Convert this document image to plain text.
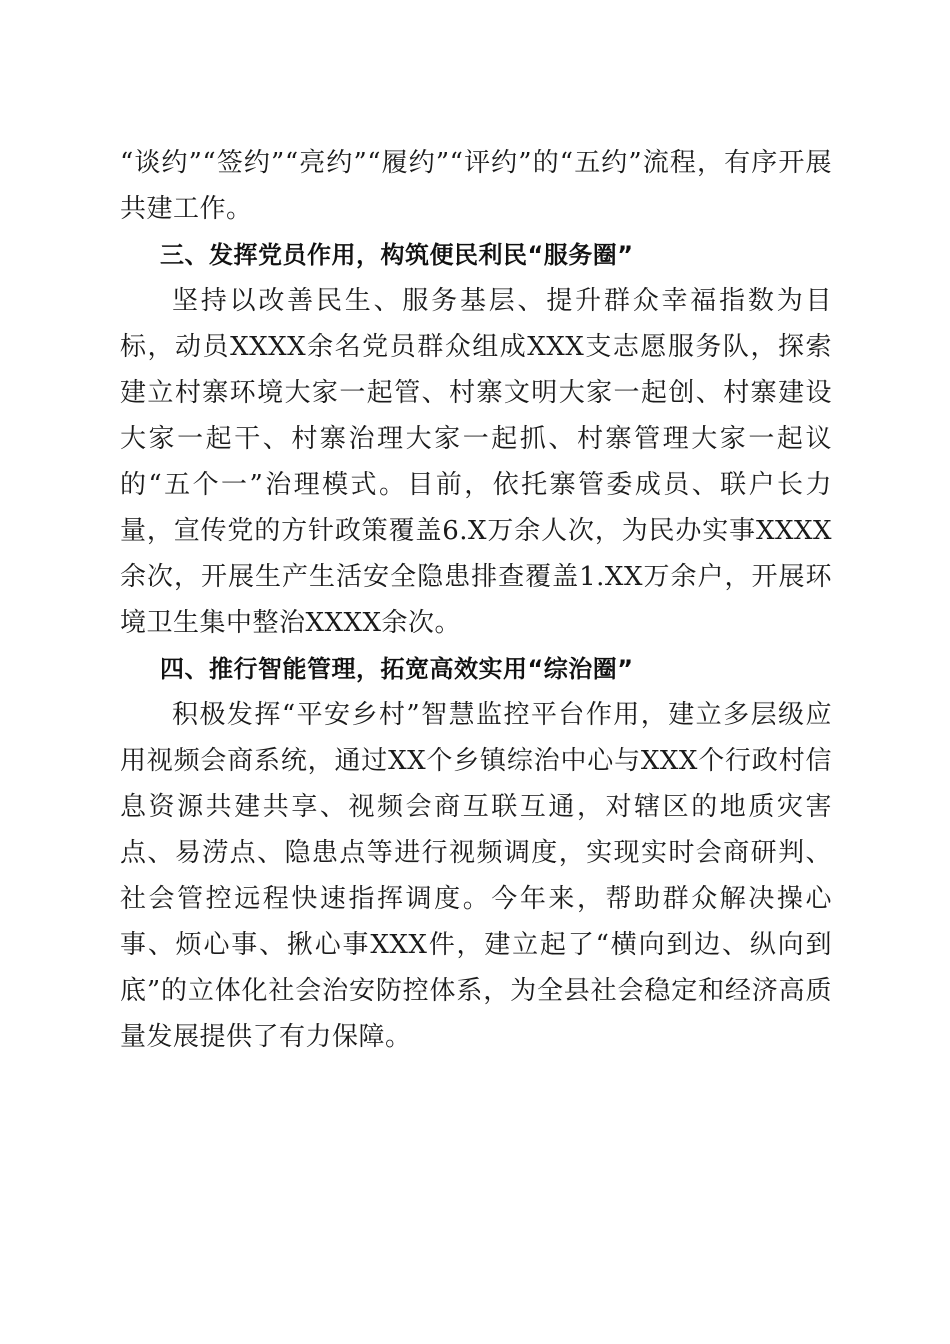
“谈约”“签约”“亮约”“履约”“评约”的“五约”流程，有序开展共建工作。

三、发挥党员作用，构筑便民利民“服务圈”

坚持以改善民生、服务基层、提升群众幸福指数为目标，动员XXXX余名党员群众组成XXX支志愿服务队，探索建立村寨环境大家一起管、村寨文明大家一起创、村寨建设大家一起干、村寨治理大家一起抓、村寨管理大家一起议的“五个一”治理模式。目前，依托寨管委成员、联户长力量，宣传党的方针政策覆盖6.X万余人次，为民办实事XXXX余次，开展生产生活安全隐患排查覆盖1.XX万余户，开展环境卫生集中整治XXXX余次。

四、推行智能管理，拓宽高效实用“综治圈”

积极发挥“平安乡村”智慧监控平台作用，建立多层级应用视频会商系统，通过XX个乡镇综治中心与XXX个行政村信息资源共建共享、视频会商互联互通，对辖区的地质灾害点、易涝点、隐患点等进行视频调度，实现实时会商研判、社会管控远程快速指挥调度。今年来，帮助群众解决操心事、烦心事、揪心事XXX件，建立起了“横向到边、纵向到底”的立体化社会治安防控体系，为全县社会稳定和经济高质量发展提供了有力保障。
